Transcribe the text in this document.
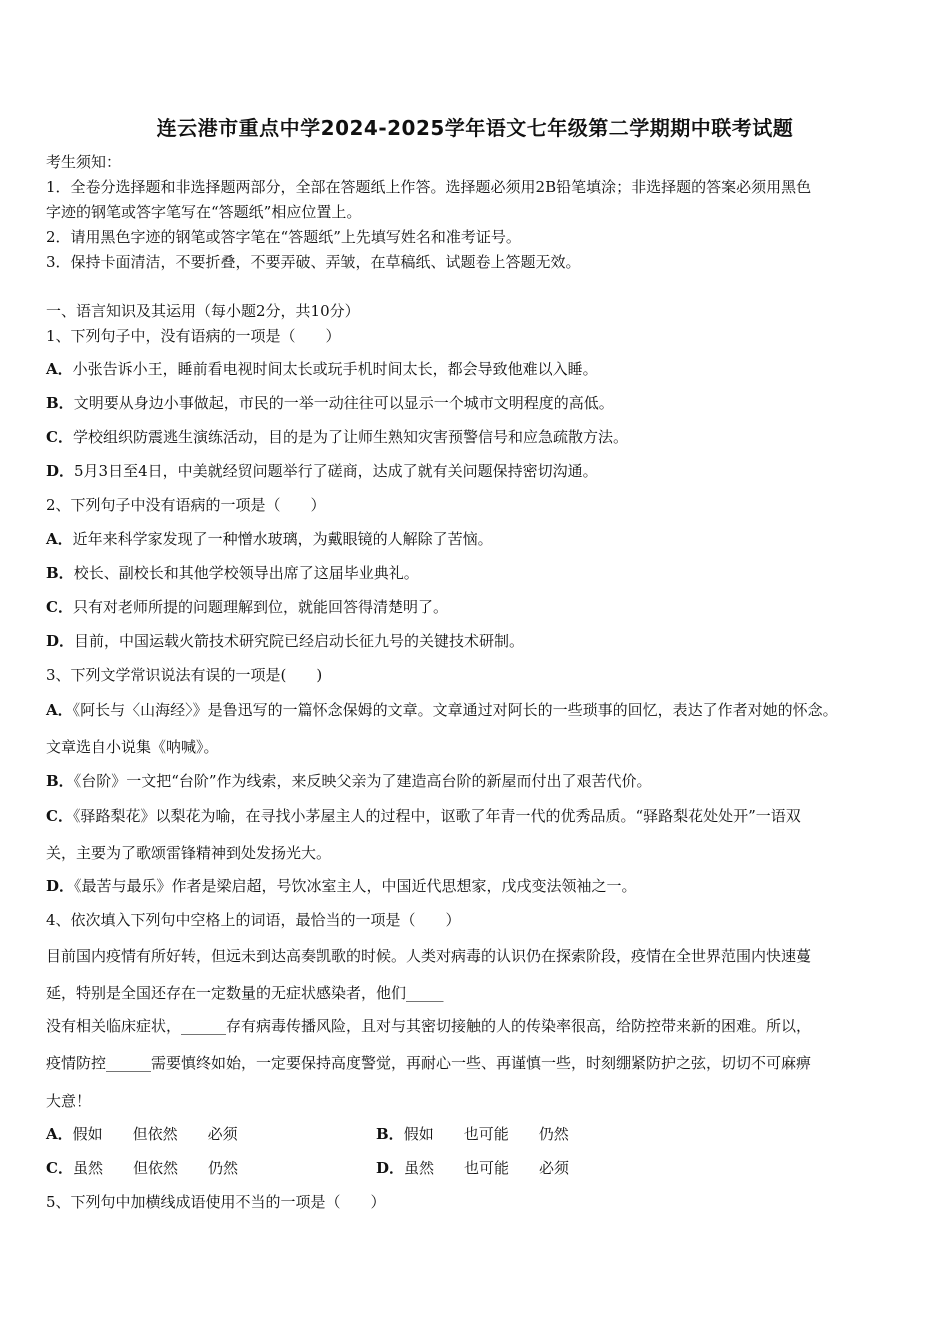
连云港市重点中学2024-2025学年语文七年级第二学期期中联考试题
考生须知：
1．全卷分选择题和非选择题两部分，全部在答题纸上作答。选择题必须用2B铅笔填涂；非选择题的答案必须用黑色
字迹的钢笔或答字笔写在“答题纸”相应位置上。
2．请用黑色字迹的钢笔或答字笔在“答题纸”上先填写姓名和准考证号。
3．保持卡面清洁，不要折叠，不要弄破、弄皱，在草稿纸、试题卷上答题无效。
一、语言知识及其运用（每小题2分，共10分）
1、下列句子中，没有语病的一项是（　　）
A．小张告诉小王，睡前看电视时间太长或玩手机时间太长，都会导致他难以入睡。
B．文明要从身边小事做起，市民的一举一动往往可以显示一个城市文明程度的高低。
C．学校组织防震逃生演练活动，目的是为了让师生熟知灾害预警信号和应急疏散方法。
D．5月3日至4日，中美就经贸问题举行了磋商，达成了就有关问题保持密切沟通。
2、下列句子中没有语病的一项是（　　）
A．近年来科学家发现了一种憎水玻璃，为戴眼镜的人解除了苦恼。
B．校长、副校长和其他学校领导出席了这届毕业典礼。
C．只有对老师所提的问题理解到位，就能回答得清楚明了。
D．目前，中国运载火箭技术研究院已经启动长征九号的关键技术研制。
3、下列文学常识说法有误的一项是(　　)
A．《阿长与〈山海经〉》是鲁迅写的一篇怀念保姆的文章。文章通过对阿长的一些琐事的回忆，表达了作者对她的怀念。
文章选自小说集《呐喊》。
B．《台阶》一文把“台阶”作为线索，来反映父亲为了建造高台阶的新屋而付出了艰苦代价。
C．《驿路梨花》以梨花为喻，在寻找小茅屋主人的过程中，讴歌了年青一代的优秀品质。“驿路梨花处处开”一语双
关，主要为了歌颂雷锋精神到处发扬光大。
D．《最苦与最乐》作者是梁启超，号饮冰室主人，中国近代思想家，戊戌变法领袖之一。
4、依次填入下列句中空格上的词语，最恰当的一项是（　　）
目前国内疫情有所好转，但远未到达高奏凯歌的时候。人类对病毒的认识仍在探索阶段，疫情在全世界范围内快速蔓
延，特别是全国还存在一定数量的无症状感染者，他们_____
没有相关临床症状，______存有病毒传播风险，且对与其密切接触的人的传染率很高，给防控带来新的困难。所以，
疫情防控______需要慎终如始，一定要保持高度警觉，再耐心一些、再谨慎一些，时刻绷紧防护之弦，切切不可麻痹
大意！
A．假如 但依然 必须	B．假如 也可能 仍然
C．虽然 但依然 仍然	D．虽然 也可能 必须
5、下列句中加横线成语使用不当的一项是（　　）
